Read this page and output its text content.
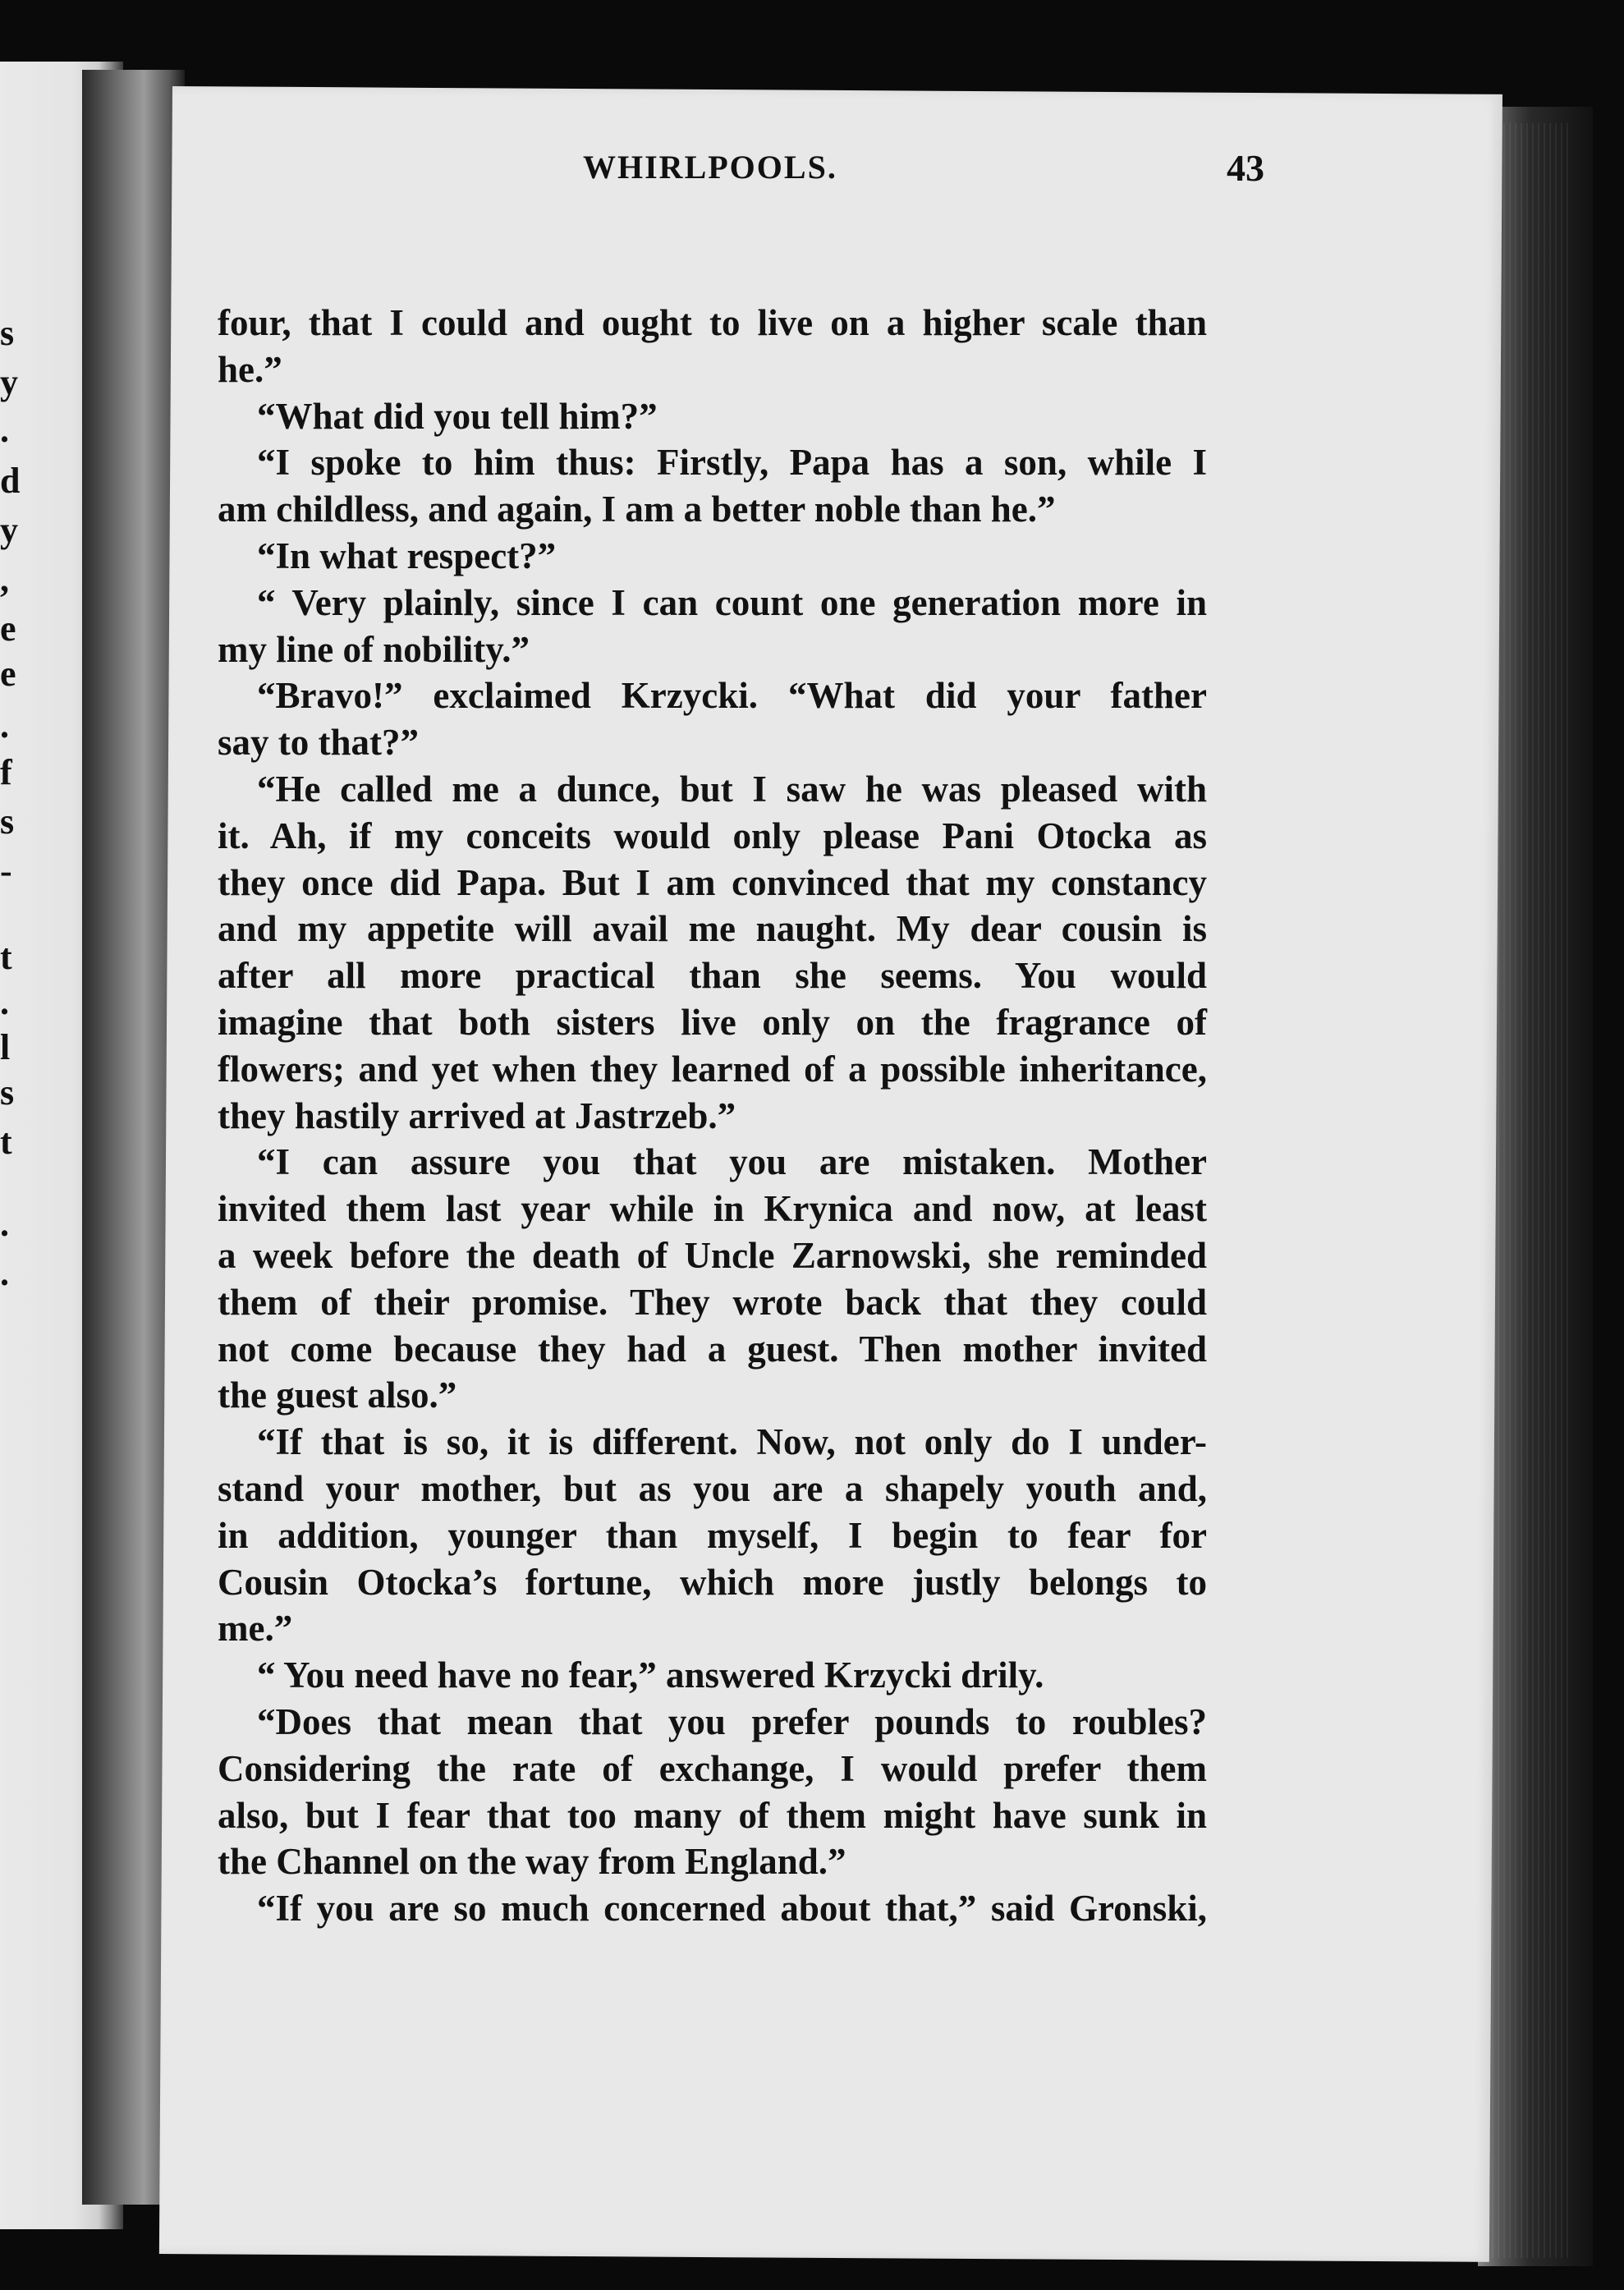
s
y
.
d
y
,
e
e
.
f
s
-
t
.
l
s
t
.
.
WHIRLPOOLS.	43
four, that I could and ought to live on a higher scale than
he.”
“What did you tell him?”
“I spoke to him thus: Firstly, Papa has a son, while I
am childless, and again, I am a better noble than he.”
“In what respect?”
“ Very plainly, since I can count one generation more in
my line of nobility.”
“Bravo!” exclaimed Krzycki. “What did your father
say to that?”
“He called me a dunce, but I saw he was pleased with
it. Ah, if my conceits would only please Pani Otocka as
they once did Papa. But I am convinced that my constancy
and my appetite will avail me naught. My dear cousin is
after all more practical than she seems. You would
imagine that both sisters live only on the fragrance of
flowers; and yet when they learned of a possible inheritance,
they hastily arrived at Jastrzeb.”
“I can assure you that you are mistaken. Mother
invited them last year while in Krynica and now, at least
a week before the death of Uncle Zarnowski, she reminded
them of their promise. They wrote back that they could
not come because they had a guest. Then mother invited
the guest also.”
“If that is so, it is different. Now, not only do I under-
stand your mother, but as you are a shapely youth and,
in addition, younger than myself, I begin to fear for
Cousin Otocka’s fortune, which more justly belongs to
me.”
“ You need have no fear,” answered Krzycki drily.
“Does that mean that you prefer pounds to roubles?
Considering the rate of exchange, I would prefer them
also, but I fear that too many of them might have sunk in
the Channel on the way from England.”
“If you are so much concerned about that,” said Gronski,
